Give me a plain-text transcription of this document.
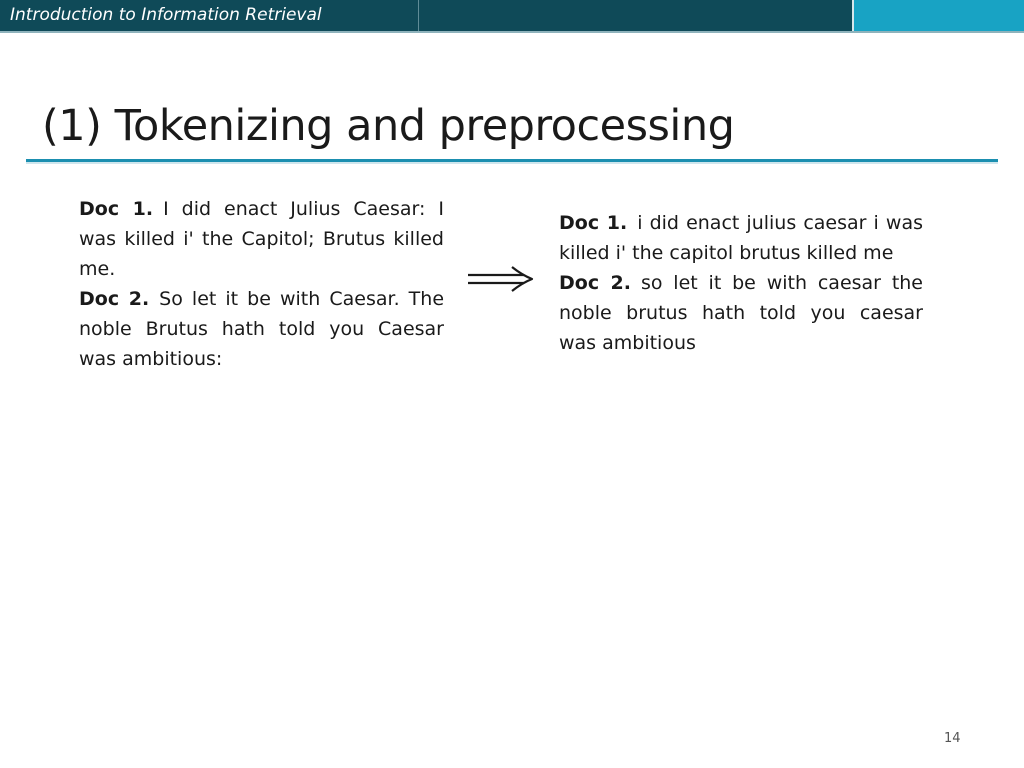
Introduction to Information Retrieval
(1) Tokenizing and preprocessing

Doc 1. I did enact Julius Caesar: I was killed i' the Capitol; Brutus killed me.

Doc 2. So let it be with Caesar. The noble Brutus hath told you Caesar was ambitious:

Doc 1. i did enact julius caesar i was killed i' the capitol brutus killed me

Doc 2. so let it be with caesar the noble brutus hath told you caesar was ambitious

14
